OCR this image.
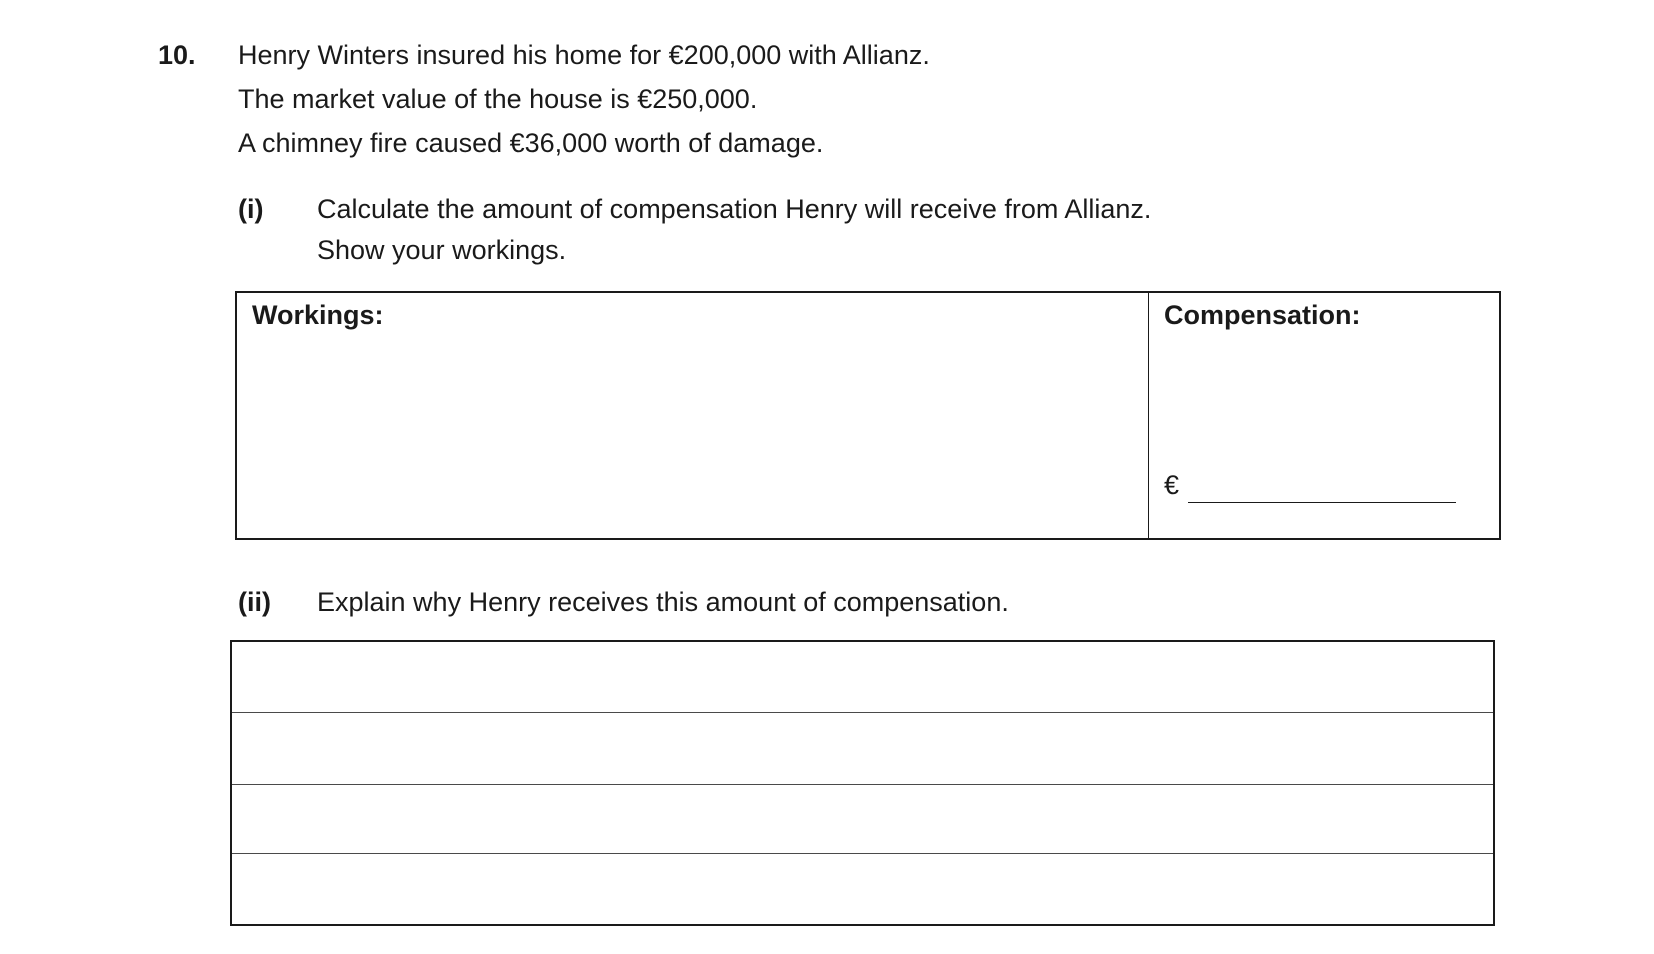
10. Henry Winters insured his home for €200,000 with Allianz.
The market value of the house is €250,000.
A chimney fire caused €36,000 worth of damage.
(i) Calculate the amount of compensation Henry will receive from Allianz.
Show your workings.
Workings:	Compensation:
€
(ii) Explain why Henry receives this amount of compensation.
